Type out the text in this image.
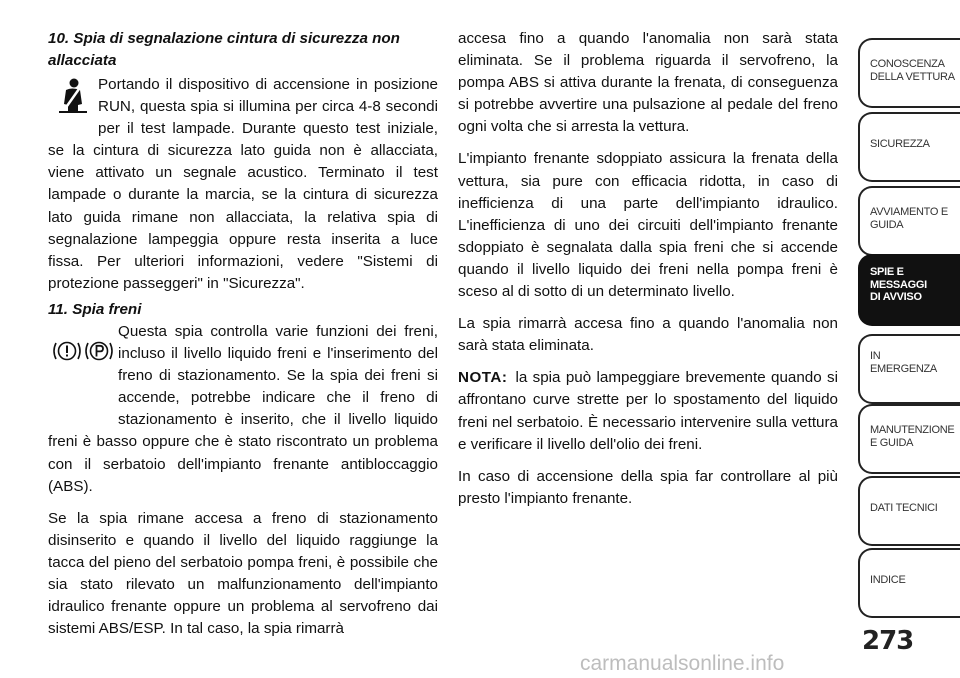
10. Spia di segnalazione cintura di sicurezza non allacciata

Portando il dispositivo di accensione in posizione RUN, questa spia si illumina per circa 4-8 secondi per il test lampade. Durante questo test iniziale, se la cintura di sicurezza lato guida non è allacciata, viene attivato un segnale acustico. Terminato il test lampade o durante la marcia, se la cintura di sicurezza lato guida rimane non allacciata, la relativa spia di segnalazione lampeggia oppure resta inserita a luce fissa. Per ulteriori informazioni, vedere "Sistemi di protezione passeggeri" in "Sicurezza".

11. Spia freni

Questa spia controlla varie funzioni dei freni, incluso il livello liquido freni e l'inserimento del freno di stazionamento. Se la spia dei freni si accende, potrebbe indicare che il freno di stazionamento è inserito, che il livello liquido freni è basso oppure che è stato riscontrato un problema con il serbatoio dell'impianto frenante antibloccaggio (ABS).

Se la spia rimane accesa a freno di stazionamento disinserito e quando il livello del liquido raggiunge la tacca del pieno del serbatoio pompa freni, è possibile che sia stato rilevato un malfunzionamento dell'impianto idraulico frenante oppure un problema al servofreno dai sistemi ABS/ESP. In tal caso, la spia rimarrà

accesa fino a quando l'anomalia non sarà stata eliminata. Se il problema riguarda il servofreno, la pompa ABS si attiva durante la frenata, di conseguenza si potrebbe avvertire una pulsazione al pedale del freno ogni volta che si arresta la vettura.

L'impianto frenante sdoppiato assicura la frenata della vettura, sia pure con efficacia ridotta, in caso di inefficienza di una parte dell'impianto idraulico. L'inefficienza di uno dei circuiti dell'impianto frenante sdoppiato è segnalata dalla spia freni che si accende quando il livello liquido dei freni nella pompa freni è sceso al di sotto di un determinato livello.

La spia rimarrà accesa fino a quando l'anomalia non sarà stata eliminata.

NOTA: la spia può lampeggiare brevemente quando si affrontano curve strette per lo spostamento del liquido freni nel serbatoio. È necessario intervenire sulla vettura e verificare il livello dell'olio dei freni.

In caso di accensione della spia far controllare al più presto l'impianto frenante.

CONOSCENZA
DELLA VETTURA
SICUREZZA
AVVIAMENTO E
GUIDA
SPIE E
MESSAGGI
DI AVVISO
IN
EMERGENZA
MANUTENZIONE
E GUIDA
DATI TECNICI
INDICE
273
carmanualsonline.info
